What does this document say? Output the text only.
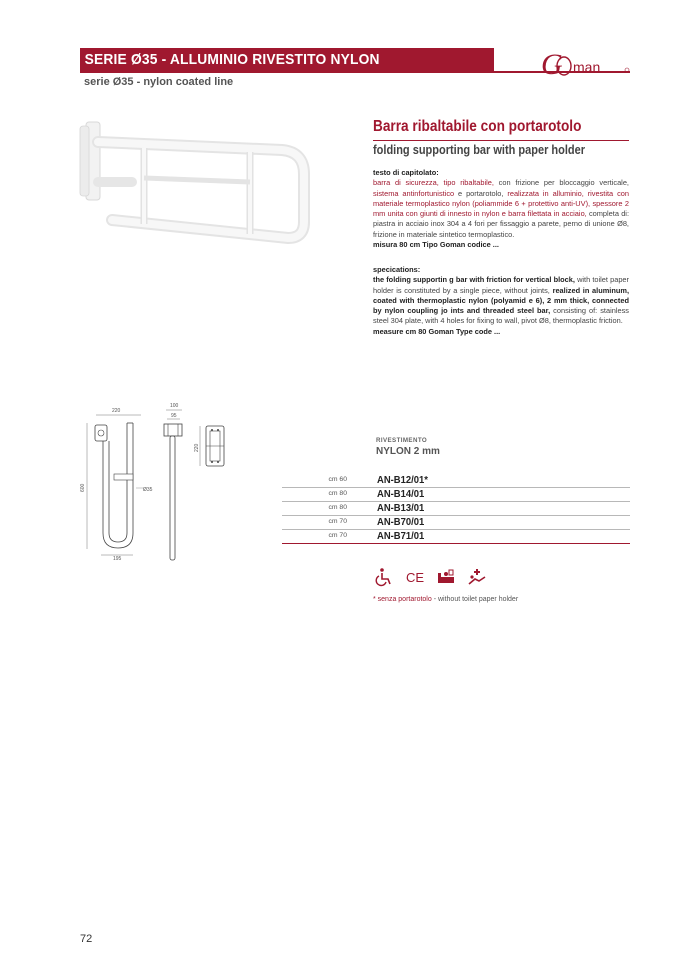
SERIE Ø35 - ALLUMINIO RIVESTITO NYLON
serie Ø35 - nylon coated line
G man
Barra ribaltabile con portarotolo
folding supporting bar with paper holder
testo di capitolato:
barra di sicurezza, tipo ribaltabile, con frizione per bloccaggio verticale, sistema antinfortunistico e portarotolo, realizzata in alluminio, rivestita con materiale termoplastico nylon (poliammide 6 + protettivo anti-UV), spessore 2 mm unita con giunti di innesto in nylon e barra filettata in acciaio, completa di: piastra in acciaio inox 304 a 4 fori per fissaggio a parete, perno di unione Ø8, frizione in materiale sintetico termoplastico.
misura 80 cm Tipo Goman codice ...
specications:
the folding supportin g bar with friction for vertical block, with toilet paper holder is constituted by a single piece, without joints, realized in aluminum, coated with thermoplastic nylon (polyamid e 6), 2 mm thick, connected by nylon coupling jo ints and threaded steel bar, consisting of: stainless steel 304 plate, with 4 holes for fixing to wall, pivot Ø8, thermoplastic friction.
measure cm 80 Goman Type code ...
220
600	Ø35
195
100
95
220
RIVESTIMENTO
NYLON 2 mm
cm 60	AN-B12/01*
cm 80	AN-B14/01
cm 80	AN-B13/01
cm 70	AN-B70/01
cm 70	AN-B71/01
CE
* senza portarotolo - without toilet paper holder
72
